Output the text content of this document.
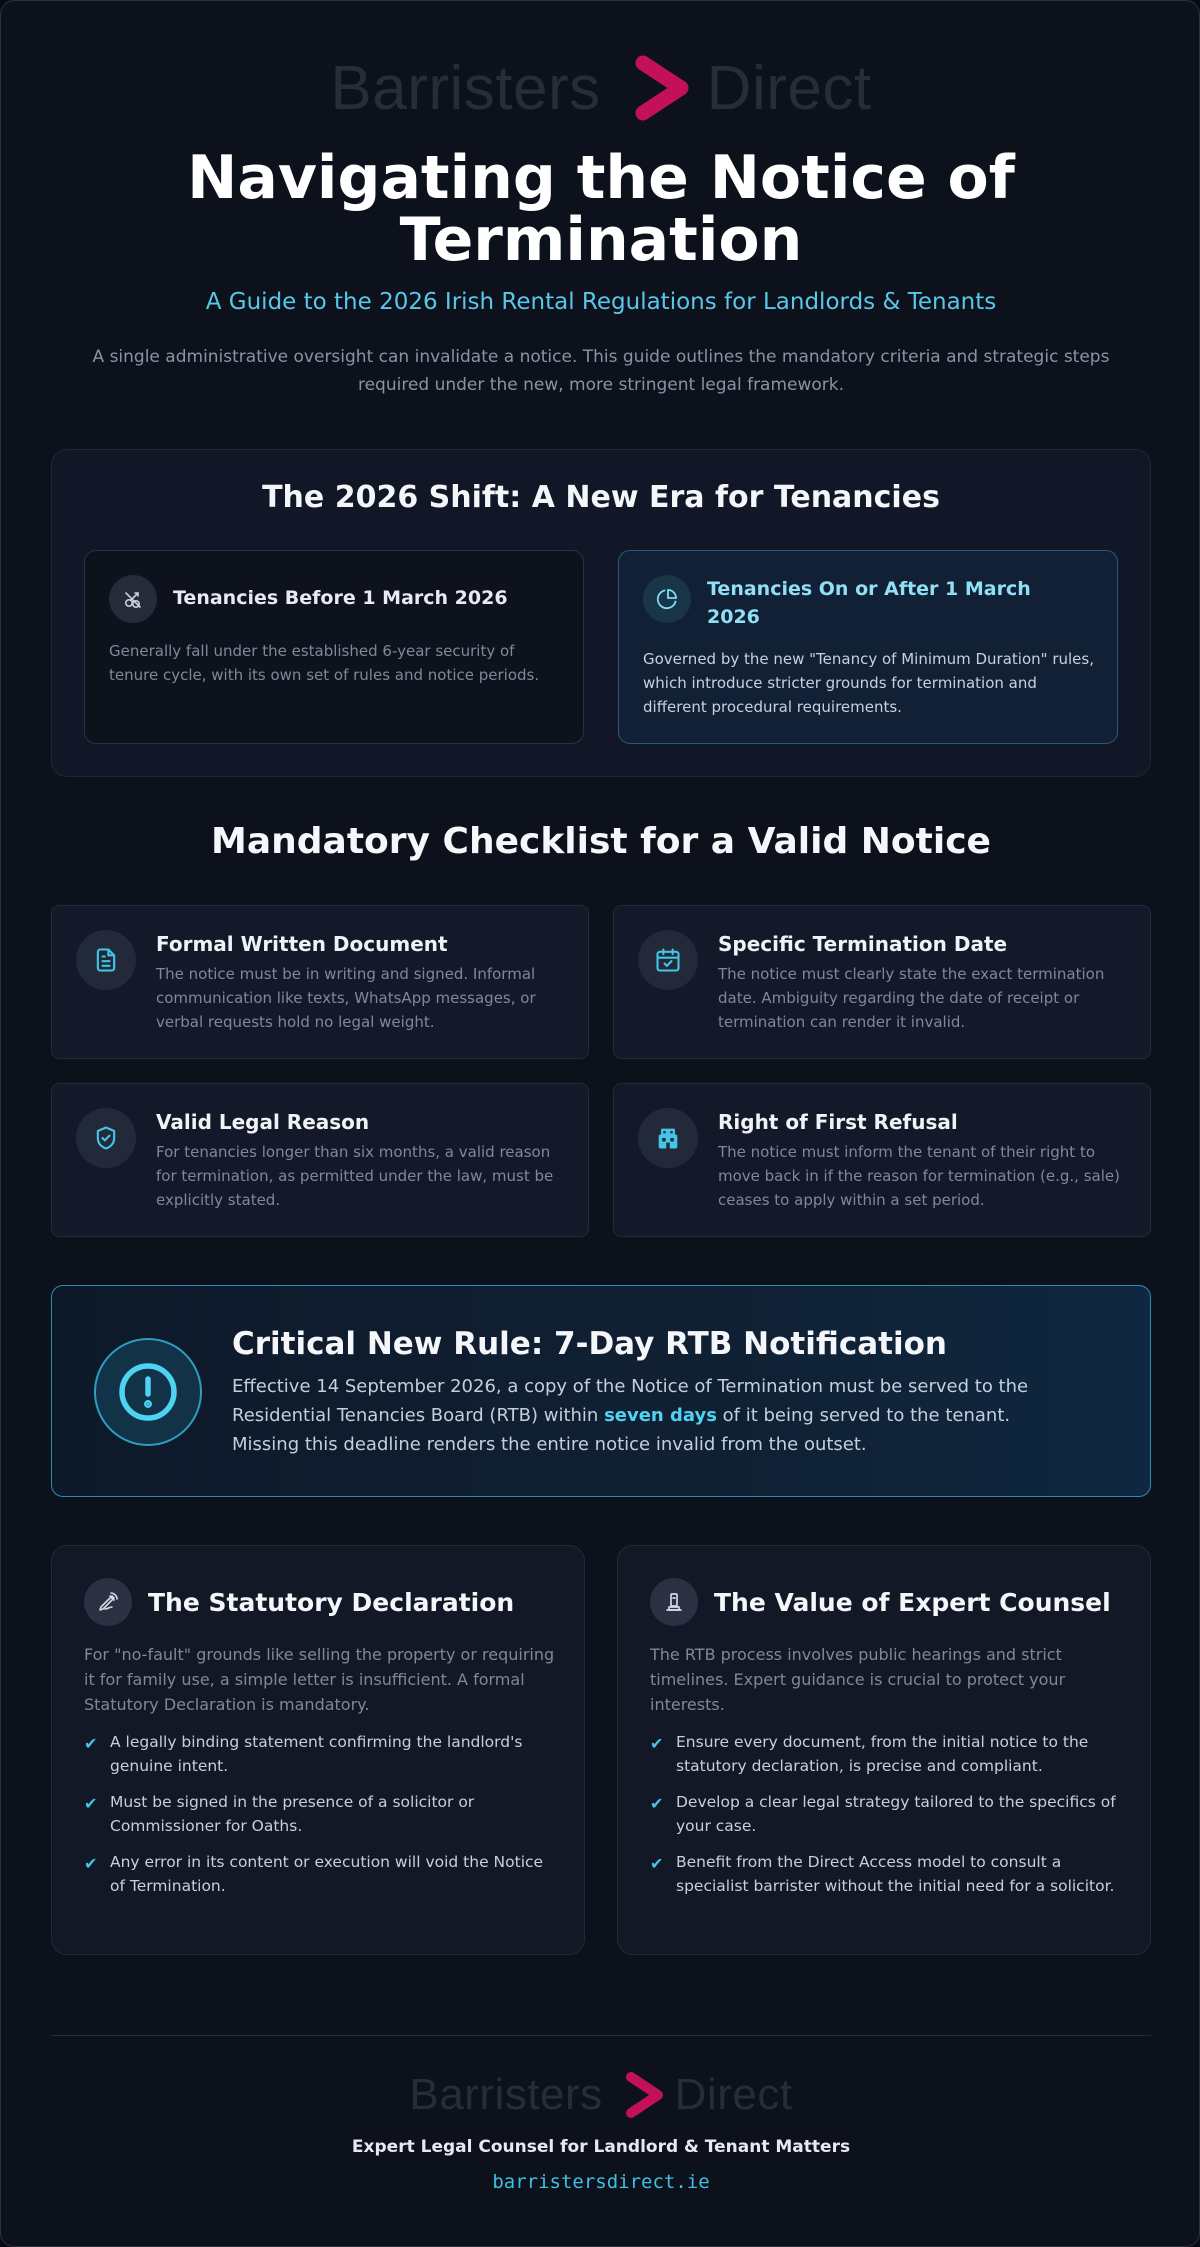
Barristers Direct
Navigating the Notice of Termination
A Guide to the 2026 Irish Rental Regulations for Landlords & Tenants
A single administrative oversight can invalidate a notice. This guide outlines the mandatory criteria and strategic steps required under the new, more stringent legal framework.
The 2026 Shift: A New Era for Tenancies
Tenancies Before 1 March 2026
Generally fall under the established 6-year security of tenure cycle, with its own set of rules and notice periods.
Tenancies On or After 1 March 2026
Governed by the new "Tenancy of Minimum Duration" rules, which introduce stricter grounds for termination and different procedural requirements.
Mandatory Checklist for a Valid Notice
Formal Written Document
The notice must be in writing and signed. Informal communication like texts, WhatsApp messages, or verbal requests hold no legal weight.
Specific Termination Date
The notice must clearly state the exact termination date. Ambiguity regarding the date of receipt or termination can render it invalid.
Valid Legal Reason
For tenancies longer than six months, a valid reason for termination, as permitted under the law, must be explicitly stated.
Right of First Refusal
The notice must inform the tenant of their right to move back in if the reason for termination (e.g., sale) ceases to apply within a set period.
Critical New Rule: 7-Day RTB Notification
Effective 14 September 2026, a copy of the Notice of Termination must be served to the Residential Tenancies Board (RTB) within seven days of it being served to the tenant. Missing this deadline renders the entire notice invalid from the outset.
The Statutory Declaration
For "no-fault" grounds like selling the property or requiring it for family use, a simple letter is insufficient. A formal Statutory Declaration is mandatory.
✔ A legally binding statement confirming the landlord's genuine intent.
✔ Must be signed in the presence of a solicitor or Commissioner for Oaths.
✔ Any error in its content or execution will void the Notice of Termination.
The Value of Expert Counsel
The RTB process involves public hearings and strict timelines. Expert guidance is crucial to protect your interests.
✔ Ensure every document, from the initial notice to the statutory declaration, is precise and compliant.
✔ Develop a clear legal strategy tailored to the specifics of your case.
✔ Benefit from the Direct Access model to consult a specialist barrister without the initial need for a solicitor.
Barristers Direct
Expert Legal Counsel for Landlord & Tenant Matters
barristersdirect.ie
